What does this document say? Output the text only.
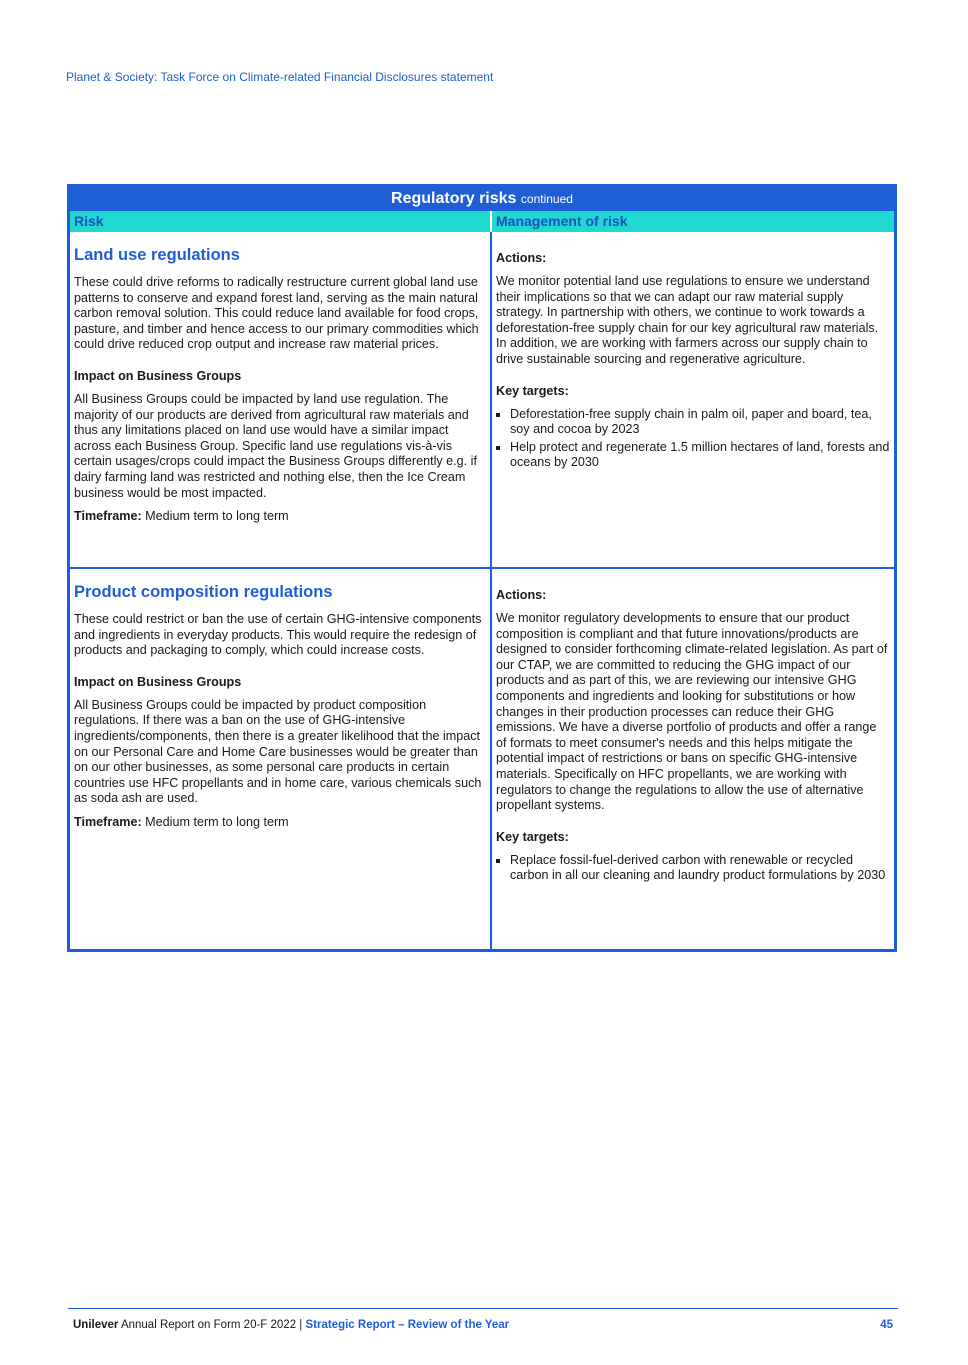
Planet & Society: Task Force on Climate-related Financial Disclosures statement
Regulatory risks continued
Risk	Management of risk
Land use regulations

These could drive reforms to radically restructure current global land use patterns to conserve and expand forest land, serving as the main natural carbon removal solution. This could reduce land available for food crops, pasture, and timber and hence access to our primary commodities which could drive reduced crop output and increase raw material prices.

Impact on Business Groups

All Business Groups could be impacted by land use regulation. The majority of our products are derived from agricultural raw materials and thus any limitations placed on land use would have a similar impact across each Business Group. Specific land use regulations vis-à-vis certain usages/crops could impact the Business Groups differently e.g. if dairy farming land was restricted and nothing else, then the Ice Cream business would be most impacted.

Timeframe: Medium term to long term
Actions:

We monitor potential land use regulations to ensure we understand their implications so that we can adapt our raw material supply strategy. In partnership with others, we continue to work towards a deforestation-free supply chain for our key agricultural raw materials. In addition, we are working with farmers across our supply chain to drive sustainable sourcing and regenerative agriculture.

Key targets:
Deforestation-free supply chain in palm oil, paper and board, tea, soy and cocoa by 2023
Help protect and regenerate 1.5 million hectares of land, forests and oceans by 2030
Product composition regulations

These could restrict or ban the use of certain GHG-intensive components and ingredients in everyday products. This would require the redesign of products and packaging to comply, which could increase costs.

Impact on Business Groups

All Business Groups could be impacted by product composition regulations. If there was a ban on the use of GHG-intensive ingredients/components, then there is a greater likelihood that the impact on our Personal Care and Home Care businesses would be greater than on our other businesses, as some personal care products in certain countries use HFC propellants and in home care, various chemicals such as soda ash are used.

Timeframe: Medium term to long term
Actions:

We monitor regulatory developments to ensure that our product composition is compliant and that future innovations/products are designed to consider forthcoming climate-related legislation. As part of our CTAP, we are committed to reducing the GHG impact of our products and as part of this, we are reviewing our intensive GHG components and ingredients and looking for substitutions or how changes in their production processes can reduce their GHG emissions. We have a diverse portfolio of products and offer a range of formats to meet consumer's needs and this helps mitigate the potential impact of restrictions or bans on specific GHG-intensive materials. Specifically on HFC propellants, we are working with regulators to change the regulations to allow the use of alternative propellant systems.

Key targets:
Replace fossil-fuel-derived carbon with renewable or recycled carbon in all our cleaning and laundry product formulations by 2030
Unilever Annual Report on Form 20-F 2022 | Strategic Report – Review of the Year	45
